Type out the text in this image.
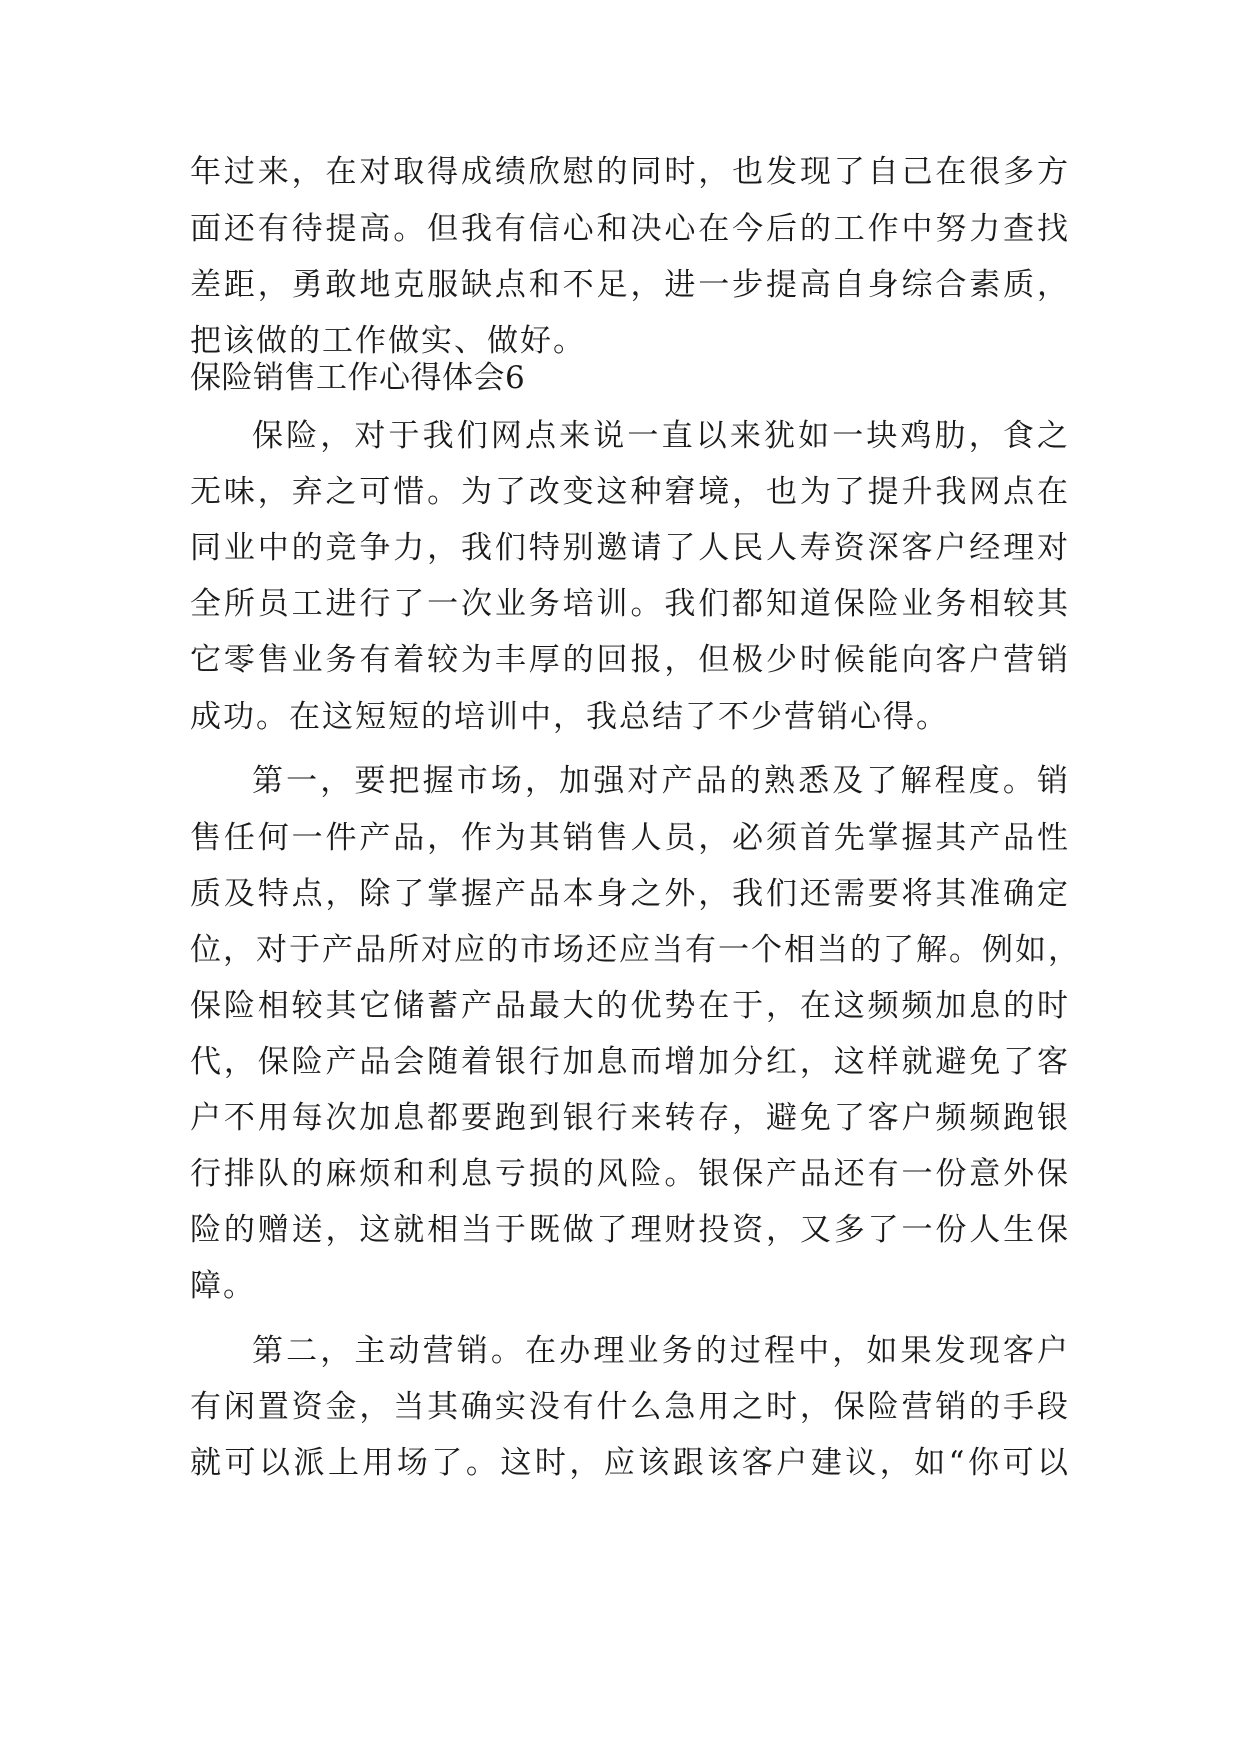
年过来，在对取得成绩欣慰的同时，也发现了自己在很多方
面还有待提高。但我有信心和决心在今后的工作中努力查找
差距，勇敢地克服缺点和不足，进一步提高自身综合素质，
把该做的工作做实、做好。
保险销售工作心得体会6
保险，对于我们网点来说一直以来犹如一块鸡肋，食之
无味，弃之可惜。为了改变这种窘境，也为了提升我网点在
同业中的竞争力，我们特别邀请了人民人寿资深客户经理对
全所员工进行了一次业务培训。我们都知道保险业务相较其
它零售业务有着较为丰厚的回报，但极少时候能向客户营销
成功。在这短短的培训中，我总结了不少营销心得。
第一，要把握市场，加强对产品的熟悉及了解程度。销
售任何一件产品，作为其销售人员，必须首先掌握其产品性
质及特点，除了掌握产品本身之外，我们还需要将其准确定
位，对于产品所对应的市场还应当有一个相当的了解。例如，
保险相较其它储蓄产品最大的优势在于，在这频频加息的时
代，保险产品会随着银行加息而增加分红，这样就避免了客
户不用每次加息都要跑到银行来转存，避免了客户频频跑银
行排队的麻烦和利息亏损的风险。银保产品还有一份意外保
险的赠送，这就相当于既做了理财投资，又多了一份人生保
障。
第二，主动营销。在办理业务的过程中，如果发现客户
有闲置资金，当其确实没有什么急用之时，保险营销的手段
就可以派上用场了。这时，应该跟该客户建议，如“你可以
